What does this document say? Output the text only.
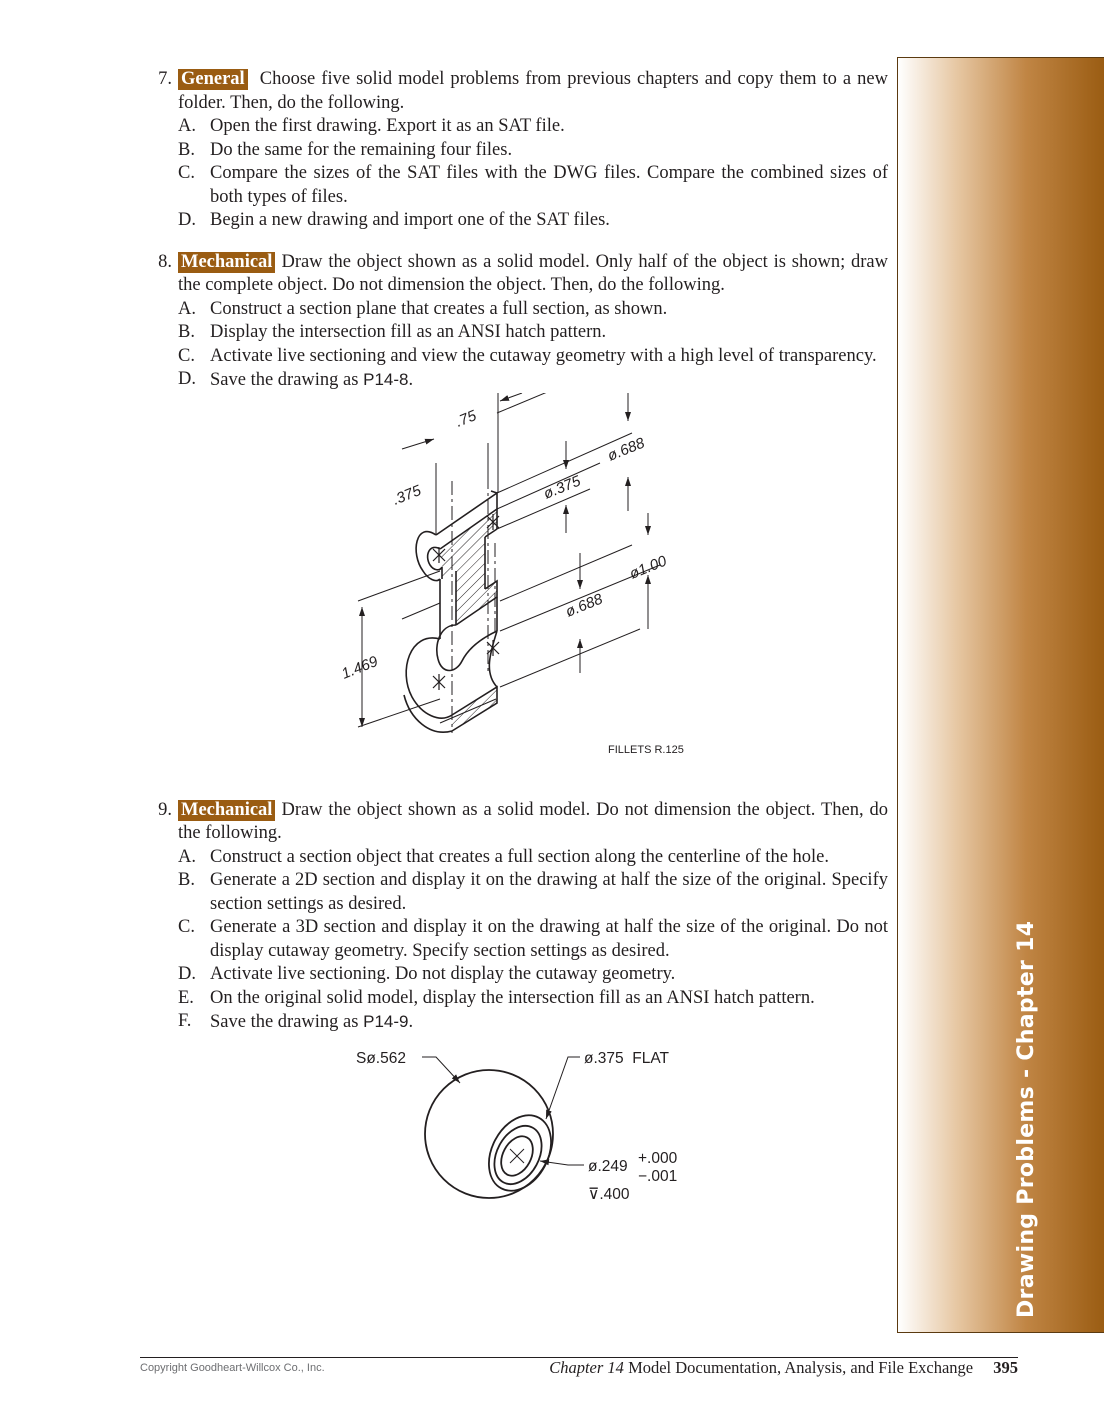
Drawing Problems - Chapter 14
7. General Choose five solid model problems from previous chapters and copy them to a new folder. Then, do the following.
A. Open the first drawing. Export it as an SAT file.
B. Do the same for the remaining four files.
C. Compare the sizes of the SAT files with the DWG files. Compare the combined sizes of both types of files.
D. Begin a new drawing and import one of the SAT files.
8. Mechanical Draw the object shown as a solid model. Only half of the object is shown; draw the complete object. Do not dimension the object. Then, do the following.
A. Construct a section plane that creates a full section, as shown.
B. Display the intersection fill as an ANSI hatch pattern.
C. Activate live sectioning and view the cutaway geometry with a high level of transparency.
D. Save the drawing as P14-8.
.75
.375	ø.375
ø.688
ø1.00
ø.688
1.469
FILLETS R.125
9. Mechanical Draw the object shown as a solid model. Do not dimension the object. Then, do the following.
A. Construct a section object that creates a full section along the centerline of the hole.
B. Generate a 2D section and display it on the drawing at half the size of the original. Specify section settings as desired.
C. Generate a 3D section and display it on the drawing at half the size of the original. Do not display cutaway geometry. Specify section settings as desired.
D. Activate live sectioning. Do not display the cutaway geometry.
E. On the original solid model, display the intersection fill as an ANSI hatch pattern.
F. Save the drawing as P14-9.
Sø.562	ø.375  FLAT
ø.249 +.000
−.001
⊽.400
Copyright Goodheart-Willcox Co., Inc.	Chapter 14 Model Documentation, Analysis, and File Exchange 395
